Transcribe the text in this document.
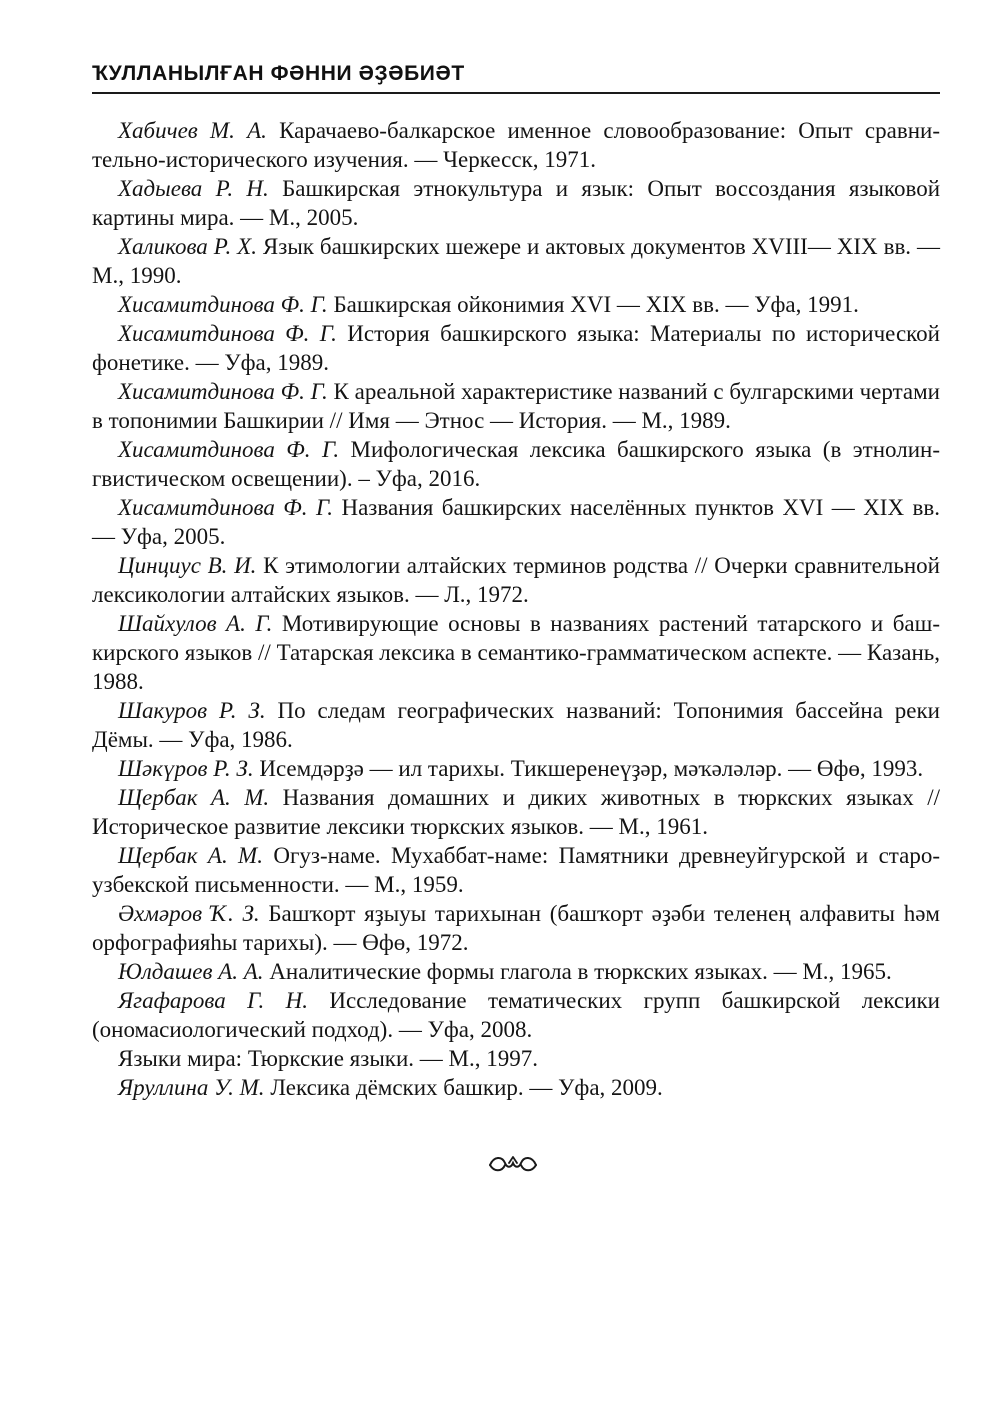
ҠУЛЛАНЫЛҒАН ФӘННИ ӘҘӘБИӘТ

Хабичев М. А. Карачаево-балкарское именное словообразование: Опыт сравнительно-исторического изучения. — Черкесск, 1971.

Хадыева Р. Н. Башкирская этнокультура и язык: Опыт воссоздания языковой картины мира. — М., 2005.

Халикова Р. Х. Язык башкирских шежере и актовых документов XVIII— XIX вв. — М., 1990.

Хисамитдинова Ф. Г. Башкирская ойконимия XVI — XIX вв. — Уфа, 1991.

Хисамитдинова Ф. Г. История башкирского языка: Материалы по исторической фонетике. — Уфа, 1989.

Хисамитдинова Ф. Г. К ареальной характеристике названий с булгарскими чертами в топонимии Башкирии // Имя — Этнос — История. — М., 1989.

Хисамитдинова Ф. Г. Мифологическая лексика башкирского языка (в этнолингвистическом освещении). – Уфа, 2016.

Хисамитдинова Ф. Г. Названия башкирских населённых пунктов XVI — XIX вв. — Уфа, 2005.

Цинциус В. И. К этимологии алтайских терминов родства // Очерки сравнительной лексикологии алтайских языков. — Л., 1972.

Шайхулов А. Г. Мотивирующие основы в названиях растений татарского и башкирского языков // Татарская лексика в семантико-грамматическом аспекте. — Казань, 1988.

Шакуров Р. З. По следам географических названий: Топонимия бассейна реки Дёмы. — Уфа, 1986.

Шәкүров Р. З. Исемдәрҙә — ил тарихы. Тикшеренеүҙәр, мәҡәләләр. — Өфө, 1993.

Щербак А. М. Названия домашних и диких животных в тюркских языках // Историческое развитие лексики тюркских языков. — М., 1961.

Щербак А. М. Огуз-наме. Мухаббат-наме: Памятники древнеуйгурской и староузбекской письменности. — М., 1959.

Әхмәров Ҡ. З. Башҡорт яҙыуы тарихынан (башҡорт әҙәби теленең алфавиты һәм орфографияһы тарихы). — Өфө, 1972.

Юлдашев А. А. Аналитические формы глагола в тюркских языках. — М., 1965.

Ягафарова Г. Н. Исследование тематических групп башкирской лексики (ономасиологический подход). — Уфа, 2008.

Языки мира: Тюркские языки. — М., 1997.

Яруллина У. М. Лексика дёмских башкир. — Уфа, 2009.
